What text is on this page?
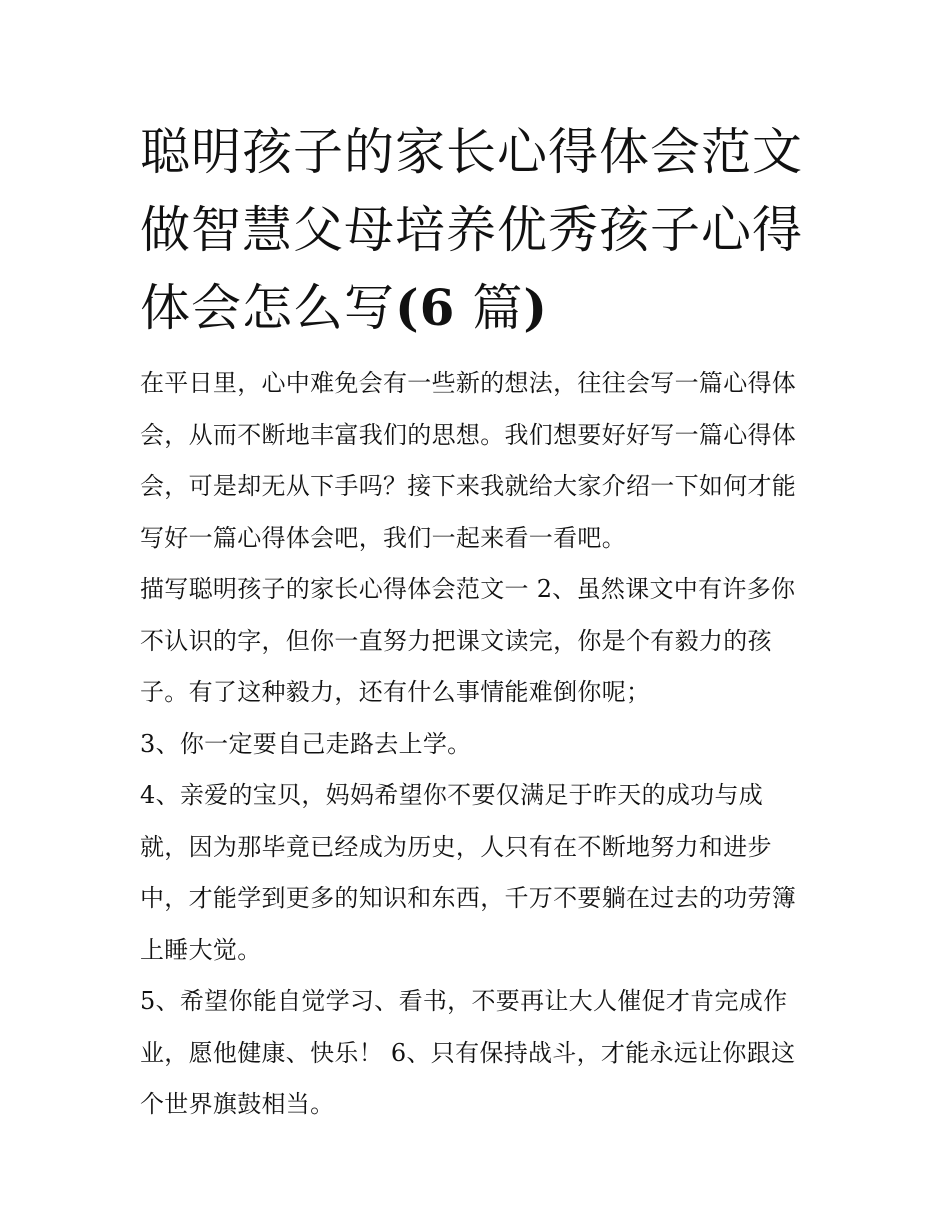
聪明孩子的家长心得体会范文
做智慧父母培养优秀孩子心得
体会怎么写(6 篇)

在平日里，心中难免会有一些新的想法，往往会写一篇心得体
会，从而不断地丰富我们的思想。我们想要好好写一篇心得体
会，可是却无从下手吗？接下来我就给大家介绍一下如何才能
写好一篇心得体会吧，我们一起来看一看吧。

描写聪明孩子的家长心得体会范文一 2、虽然课文中有许多你
不认识的字，但你一直努力把课文读完，你是个有毅力的孩
子。有了这种毅力，还有什么事情能难倒你呢；

3、你一定要自己走路去上学。

4、亲爱的宝贝，妈妈希望你不要仅满足于昨天的成功与成
就，因为那毕竟已经成为历史，人只有在不断地努力和进步
中，才能学到更多的知识和东西，千万不要躺在过去的功劳簿
上睡大觉。

5、希望你能自觉学习、看书，不要再让大人催促才肯完成作
业，愿他健康、快乐！ 6、只有保持战斗，才能永远让你跟这
个世界旗鼓相当。
